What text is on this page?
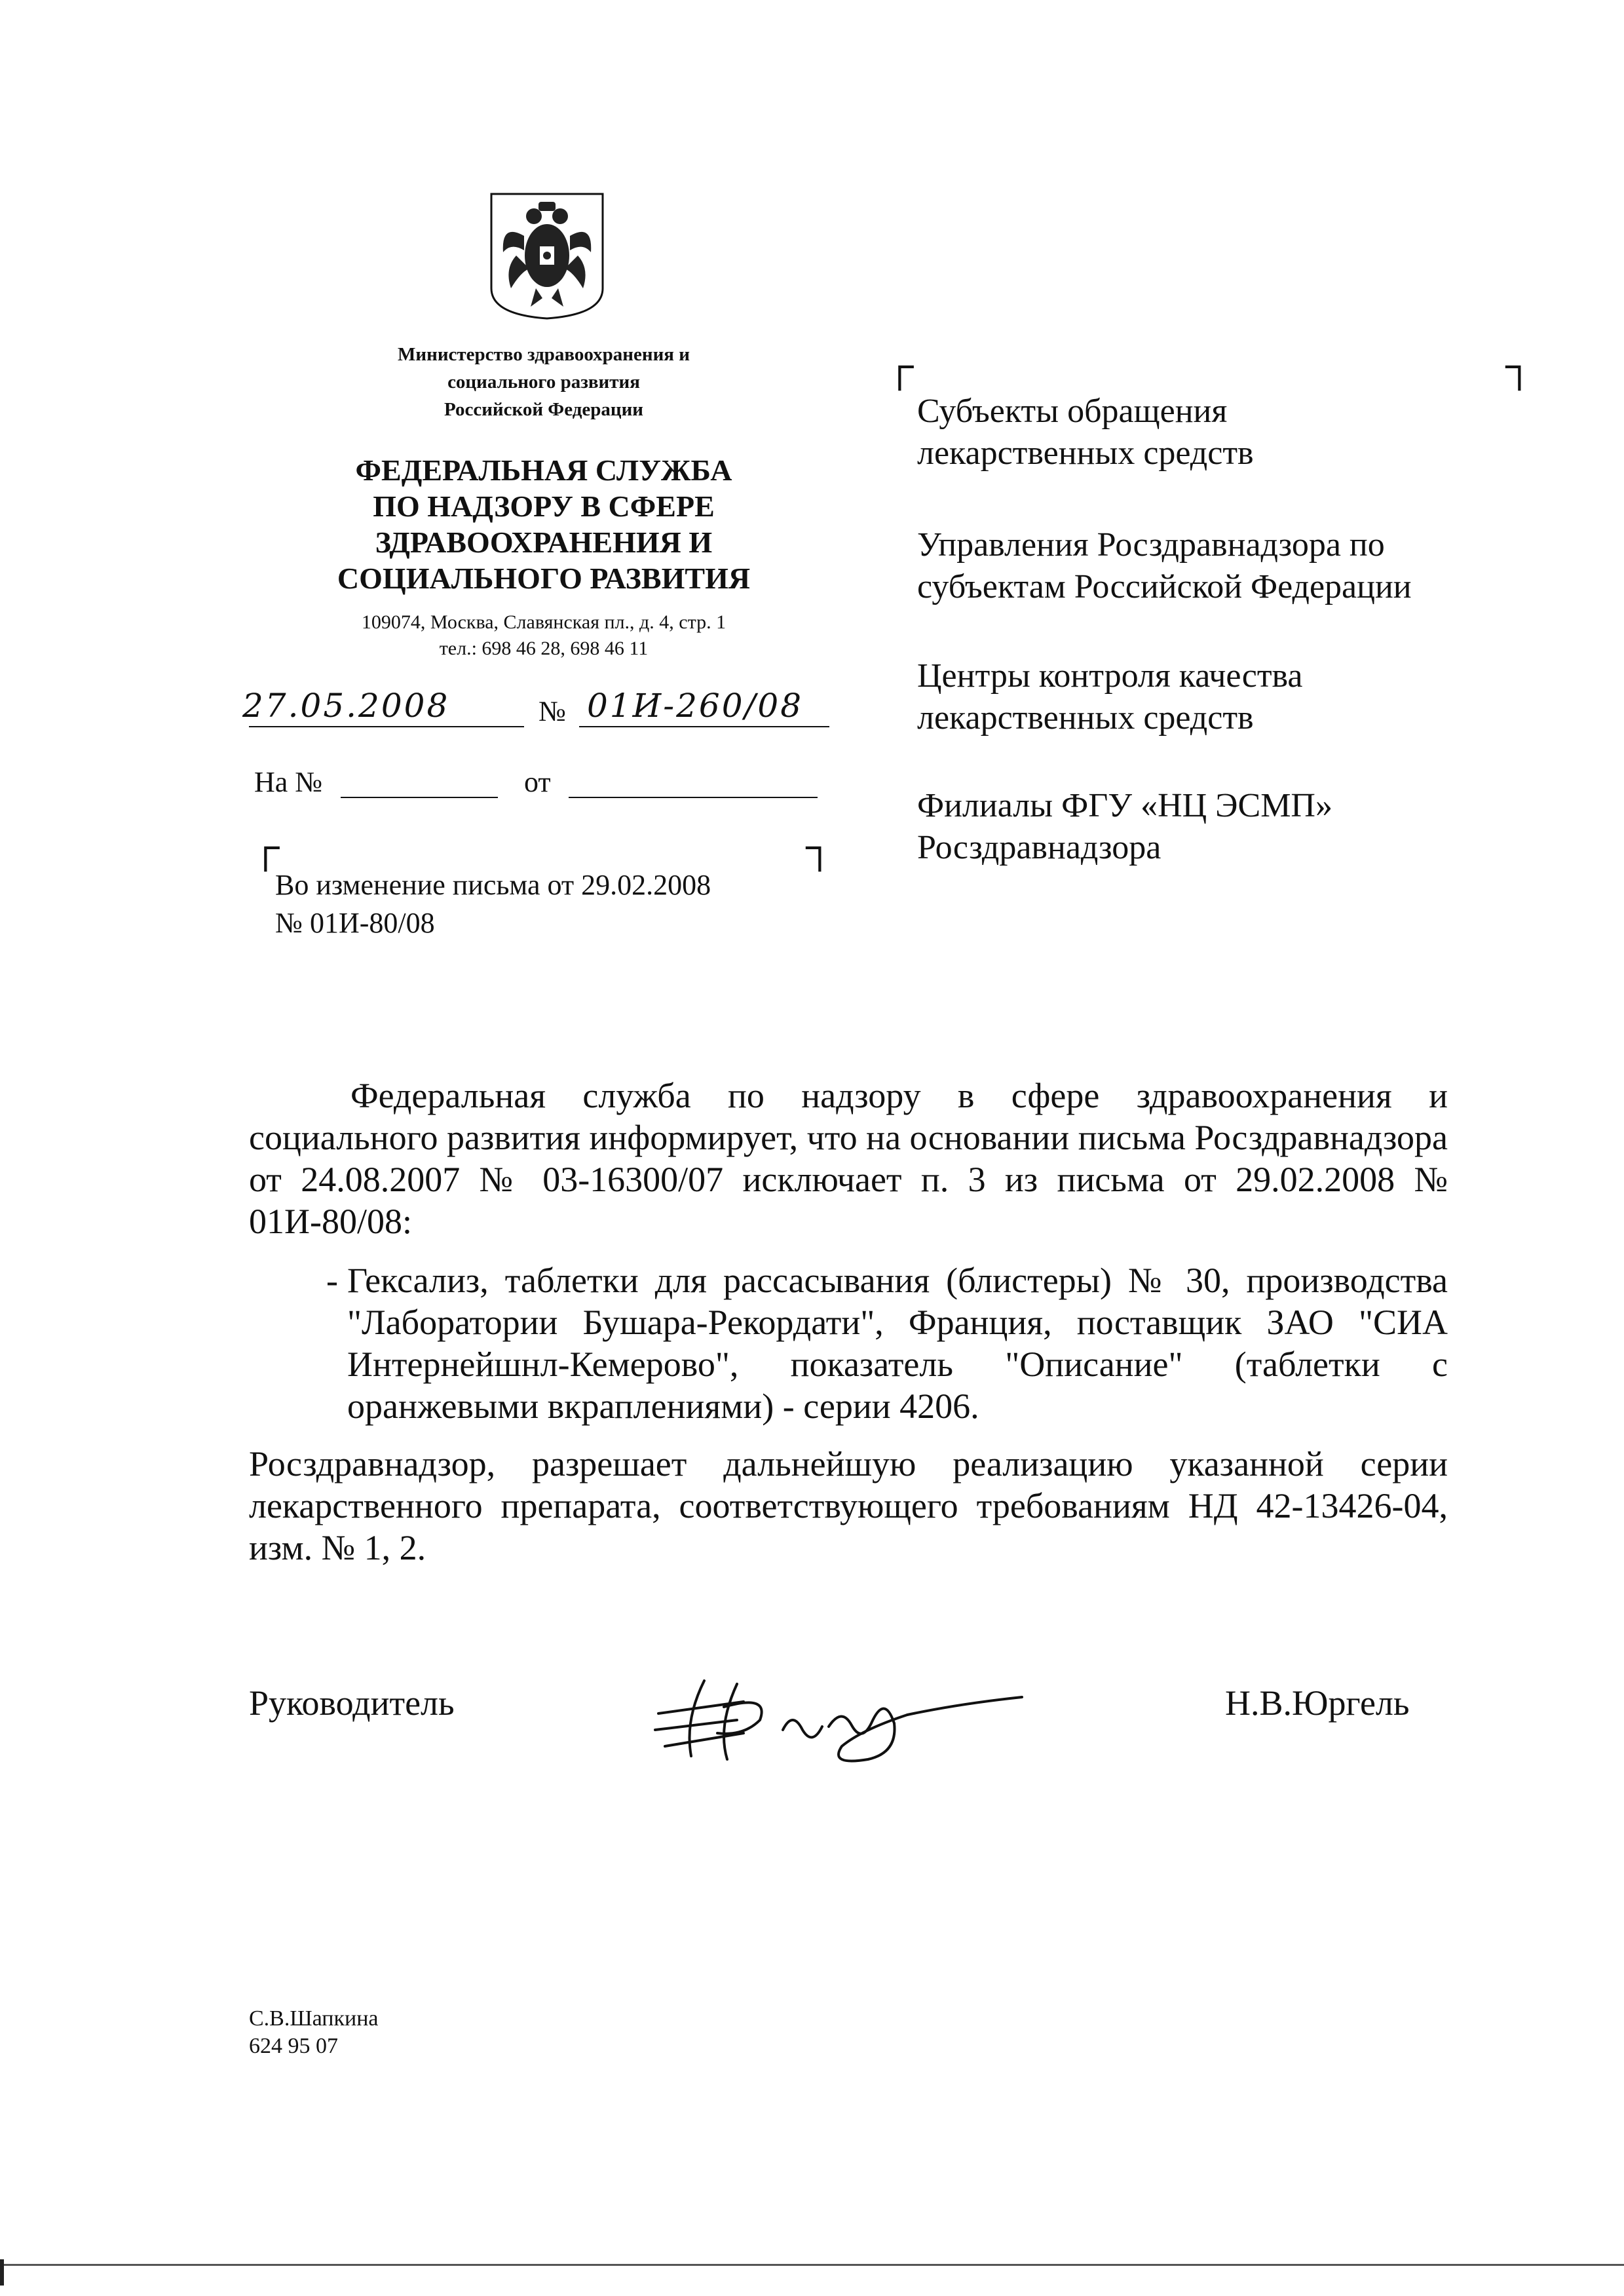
Министерство здравоохранения и
социального развития
Российской Федерации
ФЕДЕРАЛЬНАЯ СЛУЖБА
ПО НАДЗОРУ В СФЕРЕ
ЗДРАВООХРАНЕНИЯ И
СОЦИАЛЬНОГО РАЗВИТИЯ
109074, Москва, Славянская пл., д. 4, стр. 1
тел.: 698 46 28, 698 46 11
27.05.2008	№ 01И-260/08
На №	от
┌	┐
Во изменение письма от 29.02.2008
№ 01И-80/08
┌	┐
Субъекты обращения
лекарственных средств
Управления Росздравнадзора по
субъектам Российской Федерации
Центры контроля качества
лекарственных средств
Филиалы ФГУ «НЦ ЭСМП»
Росздравнадзора
Федеральная служба по надзору в сфере здравоохранения и социального развития информирует, что на основании письма Росздравнадзора от 24.08.2007 № 03-16300/07 исключает п. 3 из письма от 29.02.2008 № 01И-80/08:
- Гексализ, таблетки для рассасывания (блистеры) № 30, производства "Лаборатории Бушара-Рекордати", Франция, поставщик ЗАО "СИА Интернейшнл-Кемерово", показатель "Описание" (таблетки с оранжевыми вкраплениями) - серии 4206.
Росздравнадзор, разрешает дальнейшую реализацию указанной серии лекарственного препарата, соответствующего требованиям НД 42-13426-04, изм. № 1, 2.
Руководитель	Н.В.Юргель
С.В.Шапкина
624 95 07
